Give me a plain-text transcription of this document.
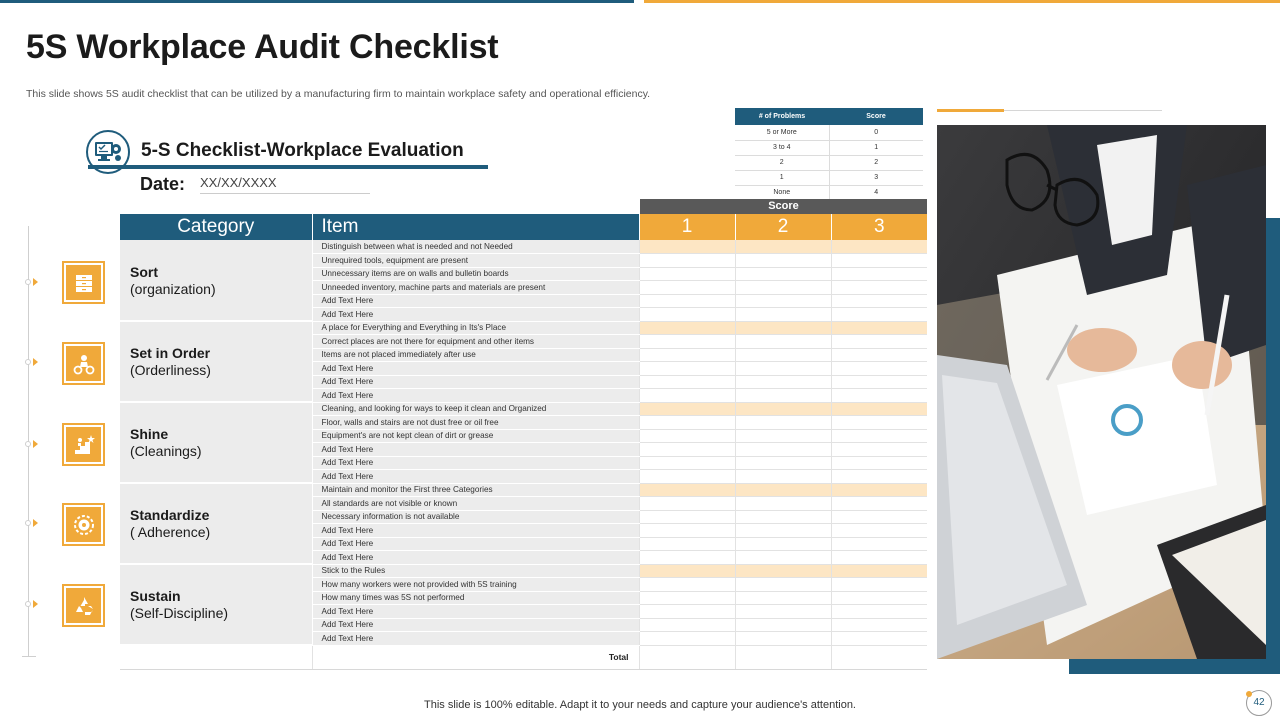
5S Workplace Audit Checklist
This slide shows 5S audit checklist that can be utilized by a manufacturing firm to maintain workplace safety and operational efficiency.
# of Problems	Score
5 or More	0
3 to 4	1
2	2
1	3
None	4
5-S Checklist-Workplace Evaluation
Date: XX/XX/XXXX
Score
Category	Item	1	2	3

Sort
(organization)	Distinguish between what is needed and not Needed			
	Unrequired tools, equipment are present			
	Unnecessary items are on walls and bulletin boards			
	Unneeded inventory, machine parts and materials are present			
	Add Text Here			
	Add Text Here			

Set in Order
(Orderliness)	A place for Everything and Everything in Its's Place			
	Correct places are not there for equipment and other items			
	Items are not placed immediately after use			
	Add Text Here			
	Add Text Here			
	Add Text Here			

Shine
(Cleanings)	Cleaning, and looking for ways to keep it clean and Organized			
	Floor, walls and stairs are not dust free or oil free			
	Equipment's are not kept clean of dirt or grease			
	Add Text Here			
	Add Text Here			
	Add Text Here			

Standardize
( Adherence)	Maintain and monitor the First three Categories			
	All standards are not visible or known			
	Necessary information is not available			
	Add Text Here			
	Add Text Here			
	Add Text Here			

Sustain
(Self-Discipline)	Stick to the Rules			
	How many workers were not provided with 5S training			
	How many times was 5S not performed			
	Add Text Here			
	Add Text Here			
	Add Text Here			
	Total			
This slide is 100% editable. Adapt it to your needs and capture your audience's attention.	42
